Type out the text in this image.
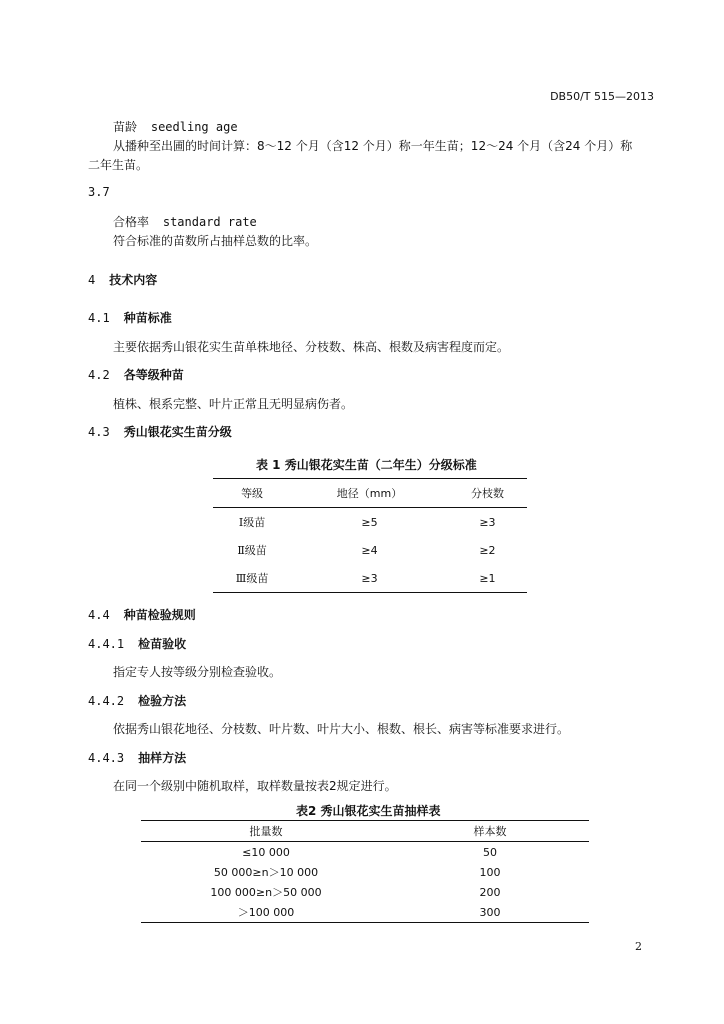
DB50/T 515—2013
苗龄 seedling age
从播种至出圃的时间计算：8～12 个月（含12 个月）称一年生苗；12～24 个月（含24 个月）称
二年生苗。
3.7
合格率 standard rate
符合标准的苗数所占抽样总数的比率。
4 技术内容
4.1 种苗标准
主要依据秀山银花实生苗单株地径、分枝数、株高、根数及病害程度而定。
4.2 各等级种苗
植株、根系完整、叶片正常且无明显病伤者。
4.3 秀山银花实生苗分级
表 1 秀山银花实生苗（二年生）分级标准
等级	地径（mm）	分枝数
Ⅰ级苗	≥5	≥3
Ⅱ级苗	≥4	≥2
Ⅲ级苗	≥3	≥1
4.4 种苗检验规则
4.4.1 检苗验收
指定专人按等级分别检查验收。
4.4.2 检验方法
依据秀山银花地径、分枝数、叶片数、叶片大小、根数、根长、病害等标准要求进行。
4.4.3 抽样方法
在同一个级别中随机取样，取样数量按表2规定进行。
表2 秀山银花实生苗抽样表
批量数	样本数
≤10 000	50
50 000≥n＞10 000	100
100 000≥n＞50 000	200
＞100 000	300
2
